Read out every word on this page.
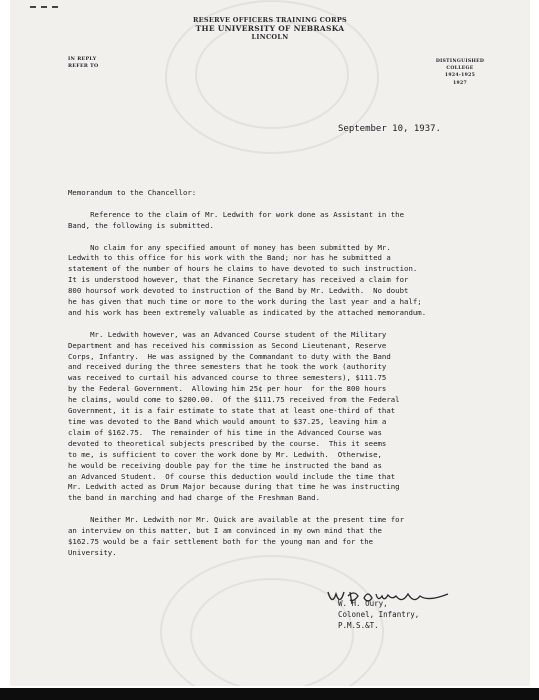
RESERVE OFFICERS TRAINING CORPS
THE UNIVERSITY OF NEBRASKA
LINCOLN
IN REPLY
REFER TO
DISTINGUISHED
COLLEGE
1924-1925
1927
September 10, 1937.

Memorandum to the Chancellor:

Reference to the claim of Mr. Ledwith for work done as Assistant in the
Band, the following is submitted.

No claim for any specified amount of money has been submitted by Mr.
Ledwith to this office for his work with the Band; nor has he submitted a
statement of the number of hours he claims to have devoted to such instruction.
It is understood however, that the Finance Secretary has received a claim for
800 hoursof work devoted to instruction of the Band by Mr. Ledwith.  No doubt
he has given that much time or more to the work during the last year and a half;
and his work has been extremely valuable as indicated by the attached memorandum.

Mr. Ledwith however, was an Advanced Course student of the Military
Department and has received his commission as Second Lieutenant, Reserve
Corps, Infantry.  He was assigned by the Commandant to duty with the Band
and received during the three semesters that he took the work (authority
was received to curtail his advanced course to three semesters), $111.75
by the Federal Government.  Allowing him 25¢ per hour  for the 800 hours
he claims, would come to $200.00.  Of the $111.75 received from the Federal
Government, it is a fair estimate to state that at least one-third of that
time was devoted to the Band which would amount to $37.25, leaving him a
claim of $162.75.  The remainder of his time in the Advanced Course was
devoted to theoretical subjects prescribed by the course.  This it seems
to me, is sufficient to cover the work done by Mr. Ledwith.  Otherwise,
he would be receiving double pay for the time he instructed the band as
an Advanced Student.  Of course this deduction would include the time that
Mr. Ledwith acted as Drum Major because during that time he was instructing
the band in marching and had charge of the Freshman Band.

Neither Mr. Ledwith nor Mr. Quick are available at the present time for
an interview on this matter, but I am convinced in my own mind that the
$162.75 would be a fair settlement both for the young man and for the
University.

W. H. Oury,
Colonel, Infantry,
P.M.S.&T.
